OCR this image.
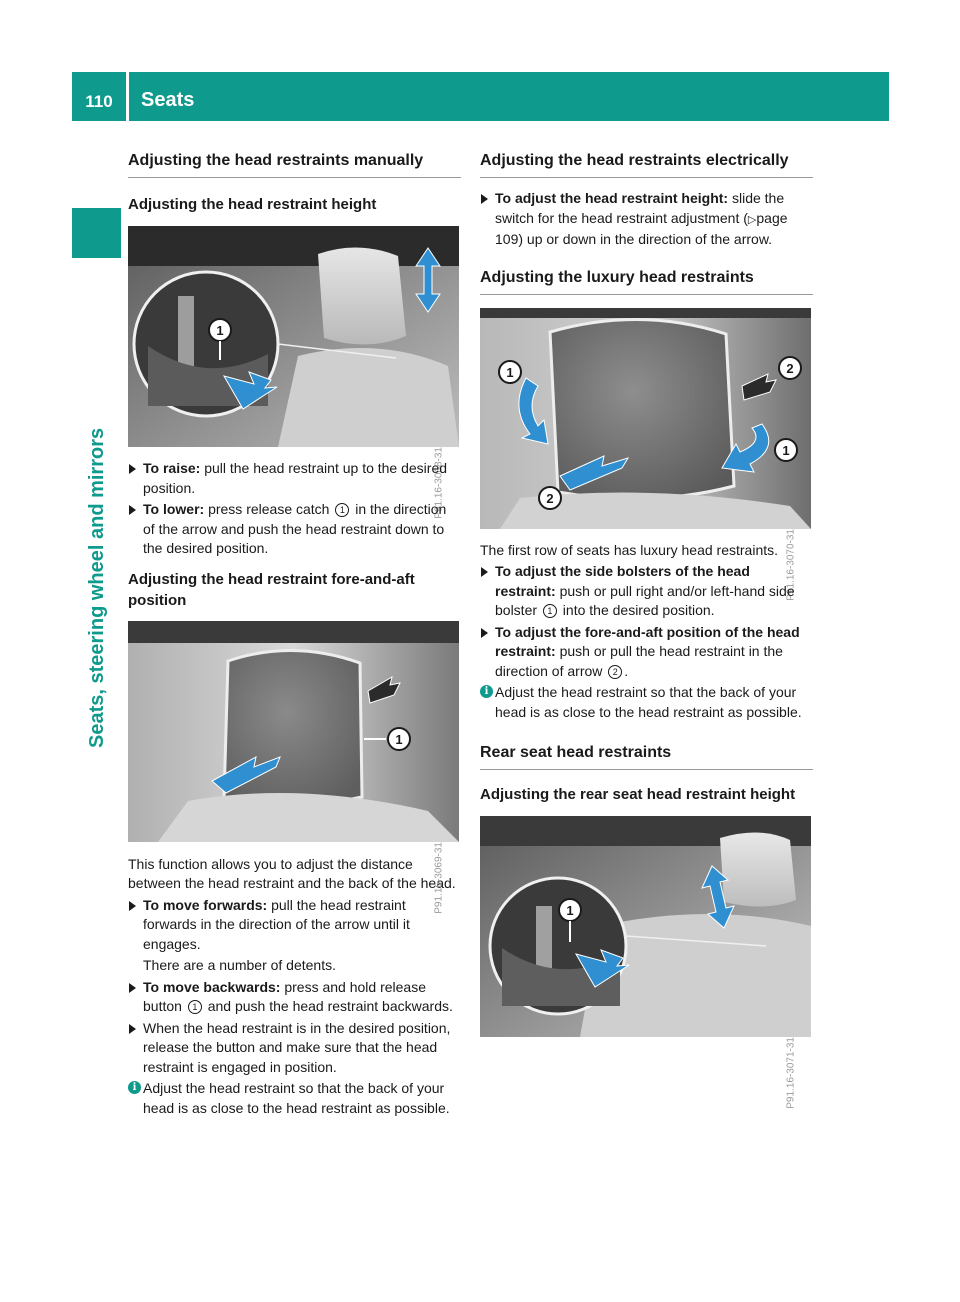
110	Seats
Seats, steering wheel and mirrors
Adjusting the head restraints manually
Adjusting the head restraint height
1
P91.16-3068-31

To raise: pull the head restraint up to the desired position.

To lower: press release catch 1 in the direction of the arrow and push the head restraint down to the desired position.

Adjusting the head restraint fore-and-aft position
1
P91.16-3069-31

This function allows you to adjust the distance between the head restraint and the back of the head.

To move forwards: pull the head restraint forwards in the direction of the arrow until it engages.

There are a number of detents.

To move backwards: press and hold release button 1 and push the head restraint backwards.

When the head restraint is in the desired position, release the button and make sure that the head restraint is engaged in position.

i Adjust the head restraint so that the back of your head is as close to the head restraint as possible.

Adjusting the head restraints electrically

To adjust the head restraint height: slide the switch for the head restraint adjustment (▷page 109) up or down in the direction of the arrow.

Adjusting the luxury head restraints
1
2
2
1
P91.16-3070-31

The first row of seats has luxury head restraints.

To adjust the side bolsters of the head restraint: push or pull right and/or left-hand side bolster 1 into the desired position.

To adjust the fore-and-aft position of the head restraint: push or pull the head restraint in the direction of arrow 2 .

i Adjust the head restraint so that the back of your head is as close to the head restraint as possible.

Rear seat head restraints
Adjusting the rear seat head restraint height
1
P91.16-3071-31
